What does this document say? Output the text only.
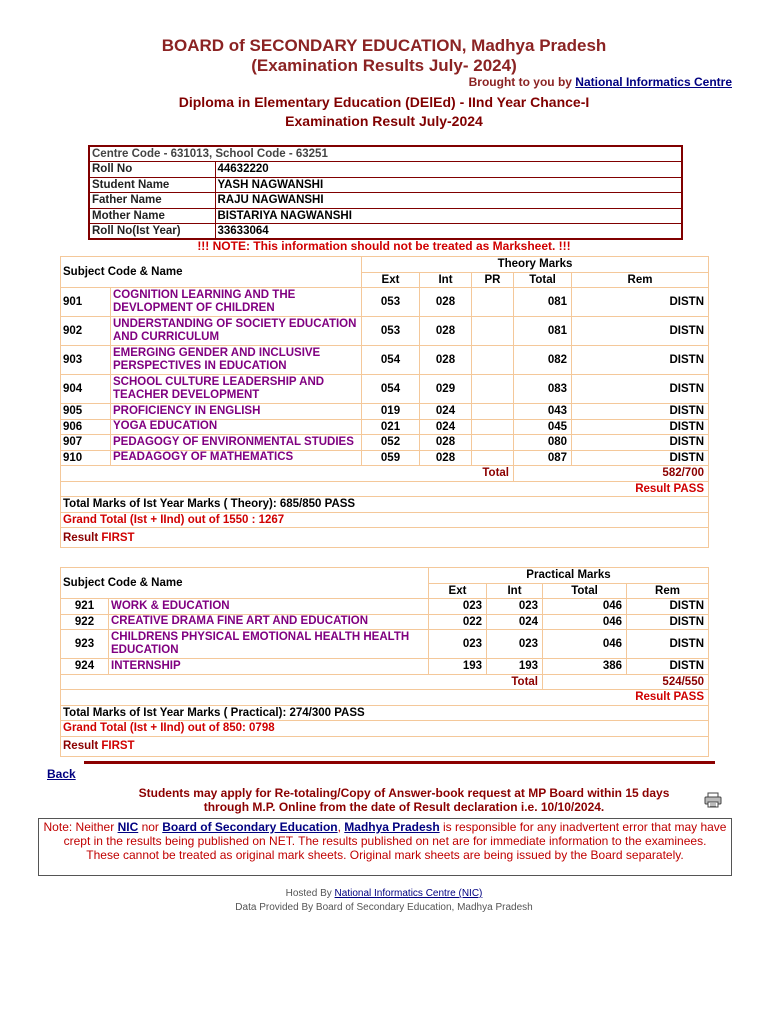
BOARD of SECONDARY EDUCATION, Madhya Pradesh
(Examination Results July- 2024)
Brought to you by National Informatics Centre
Diploma in Elementary Education (DElEd) - IInd Year Chance-I
Examination Result July-2024
Centre Code - 631013, School Code - 63251	
Roll No	44632220
Student Name	YASH NAGWANSHI
Father Name	RAJU NAGWANSHI
Mother Name	BISTARIYA NAGWANSHI
Roll No(Ist Year)	33633064
!!! NOTE: This information should not be treated as Marksheet. !!!
Subject Code & Name		Theory Marks				
		Ext	Int	PR	Total	Rem
901	COGNITION LEARNING AND THE DEVLOPMENT OF CHILDREN	053	028		081	DISTN
902	UNDERSTANDING OF SOCIETY EDUCATION AND CURRICULUM	053	028		081	DISTN
903	EMERGING GENDER AND INCLUSIVE PERSPECTIVES IN EDUCATION	054	028		082	DISTN
904	SCHOOL CULTURE LEADERSHIP AND TEACHER DEVELOPMENT	054	029		083	DISTN
905	PROFICIENCY IN ENGLISH	019	024		043	DISTN
906	YOGA EDUCATION	021	024		045	DISTN
907	PEDAGOGY OF ENVIRONMENTAL STUDIES	052	028		080	DISTN
910	PEADAGOGY OF MATHEMATICS	059	028		087	DISTN
Total					582/700	
Result PASS						
Total Marks of Ist Year Marks ( Theory): 685/850 PASS						
Grand Total (Ist + IInd) out of 1550 : 1267						
Result FIRST						
Subject Code & Name		Practical Marks			
		Ext	Int	Total	Rem
921	WORK & EDUCATION	023	023	046	DISTN
922	CREATIVE DRAMA FINE ART AND EDUCATION	022	024	046	DISTN
923	CHILDRENS PHYSICAL EMOTIONAL HEALTH HEALTH EDUCATION	023	023	046	DISTN
924	INTERNSHIP	193	193	386	DISTN
Total				524/550	
Result PASS					
Total Marks of Ist Year Marks ( Practical): 274/300 PASS					
Grand Total (Ist + IInd) out of 850: 0798					
Result FIRST					
Back
Students may apply for Re-totaling/Copy of Answer-book request at MP Board within 15 days
through M.P. Online from the date of Result declaration i.e. 10/10/2024.
Note: Neither NIC nor Board of Secondary Education, Madhya Pradesh is responsible for any inadvertent error that may have crept in the results being published on NET. The results published on net are for immediate information to the examinees.
These cannot be treated as original mark sheets. Original mark sheets are being issued by the Board separately.
Hosted By National Informatics Centre (NIC)
Data Provided By Board of Secondary Education, Madhya Pradesh
